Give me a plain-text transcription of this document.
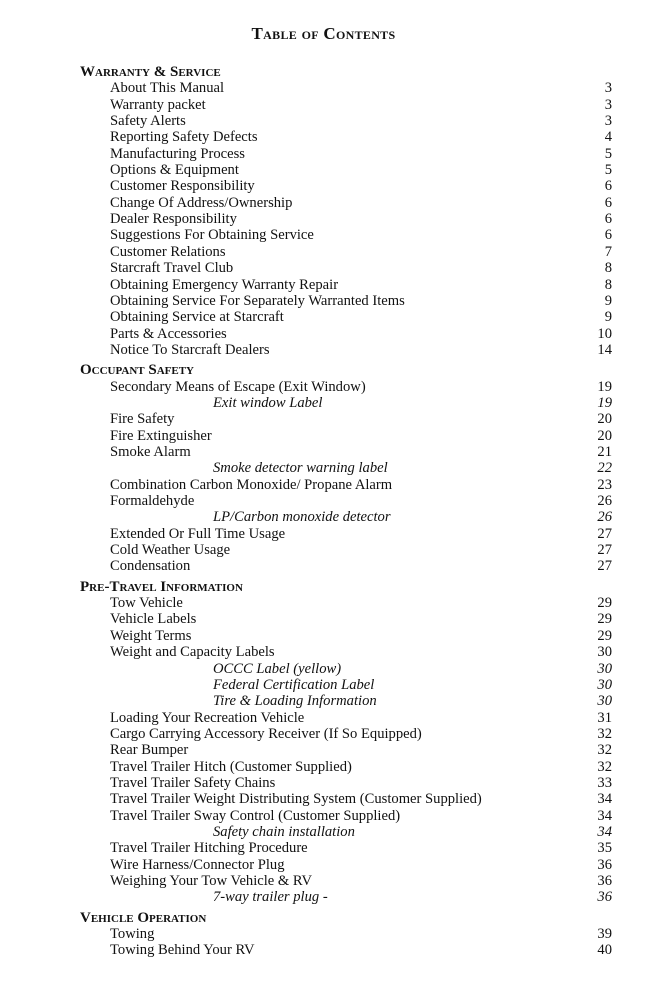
Table of Contents
Warranty & Service
About This Manual	3
Warranty packet	3
Safety Alerts	3
Reporting Safety Defects	4
Manufacturing Process	5
Options & Equipment	5
Customer Responsibility	6
Change Of Address/Ownership	6
Dealer Responsibility	6
Suggestions For Obtaining Service	6
Customer Relations	7
Starcraft Travel Club	8
Obtaining Emergency Warranty Repair	8
Obtaining Service For Separately Warranted Items	9
Obtaining Service at Starcraft	9
Parts & Accessories	10
Notice To Starcraft Dealers	14
Occupant Safety
Secondary Means of Escape (Exit Window)	19
Exit window Label	19
Fire Safety	20
Fire Extinguisher	20
Smoke Alarm	21
Smoke detector warning label	22
Combination Carbon Monoxide/ Propane Alarm	23
Formaldehyde	26
LP/Carbon monoxide detector	26
Extended Or Full Time Usage	27
Cold Weather Usage	27
Condensation	27
Pre-Travel Information
Tow Vehicle	29
Vehicle Labels	29
Weight Terms	29
Weight and Capacity Labels	30
OCCC Label (yellow)	30
Federal Certification Label	30
Tire & Loading Information	30
Loading Your Recreation Vehicle	31
Cargo Carrying Accessory Receiver (If So Equipped)	32
Rear Bumper	32
Travel Trailer Hitch (Customer Supplied)	32
Travel Trailer Safety Chains	33
Travel Trailer Weight Distributing System (Customer Supplied)	34
Travel Trailer Sway Control (Customer Supplied)	34
Safety chain installation	34
Travel Trailer Hitching Procedure	35
Wire Harness/Connector Plug	36
Weighing Your Tow Vehicle & RV	36
7-way trailer plug -	36
Vehicle Operation
Towing	39
Towing Behind Your RV	40
